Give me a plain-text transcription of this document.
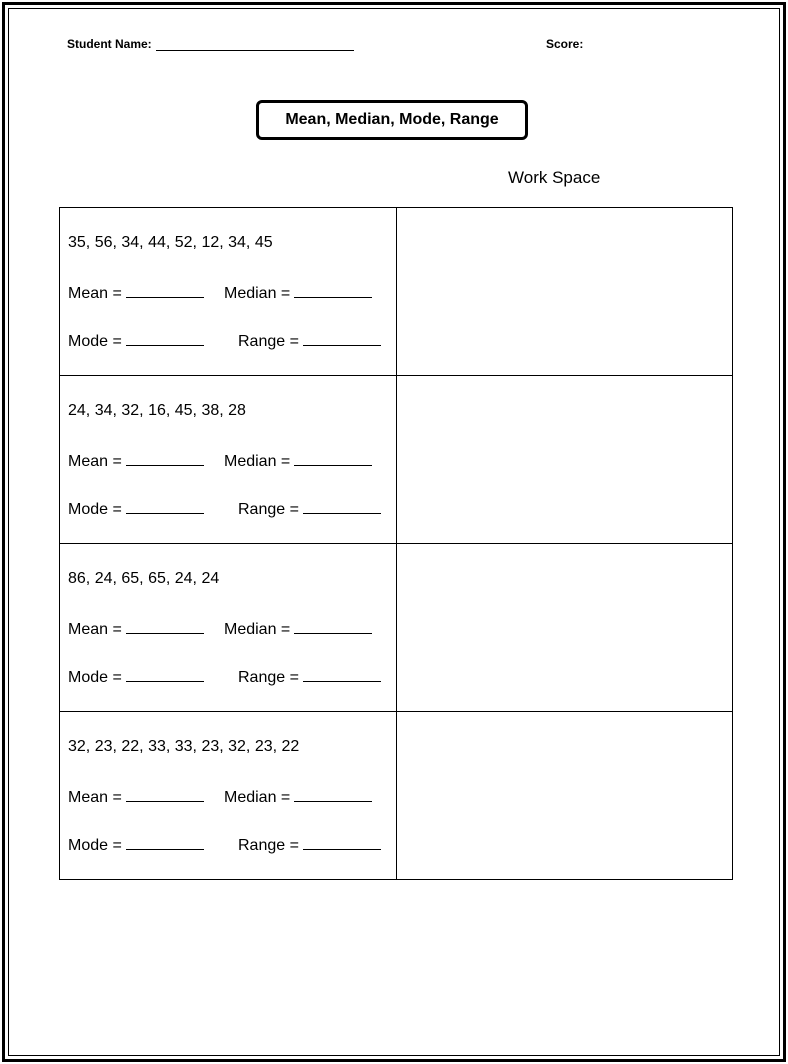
Student Name:	Score:
Mean, Median, Mode, Range
Work Space
35, 56, 34, 44, 52, 12, 34, 45
Mean = Median =
Mode = Range =	

24, 34, 32, 16, 45, 38, 28
Mean = Median =
Mode = Range =	

86, 24, 65, 65, 24, 24
Mean = Median =
Mode = Range =	

32, 23, 22, 33, 33, 23, 32, 23, 22
Mean = Median =
Mode = Range =	
